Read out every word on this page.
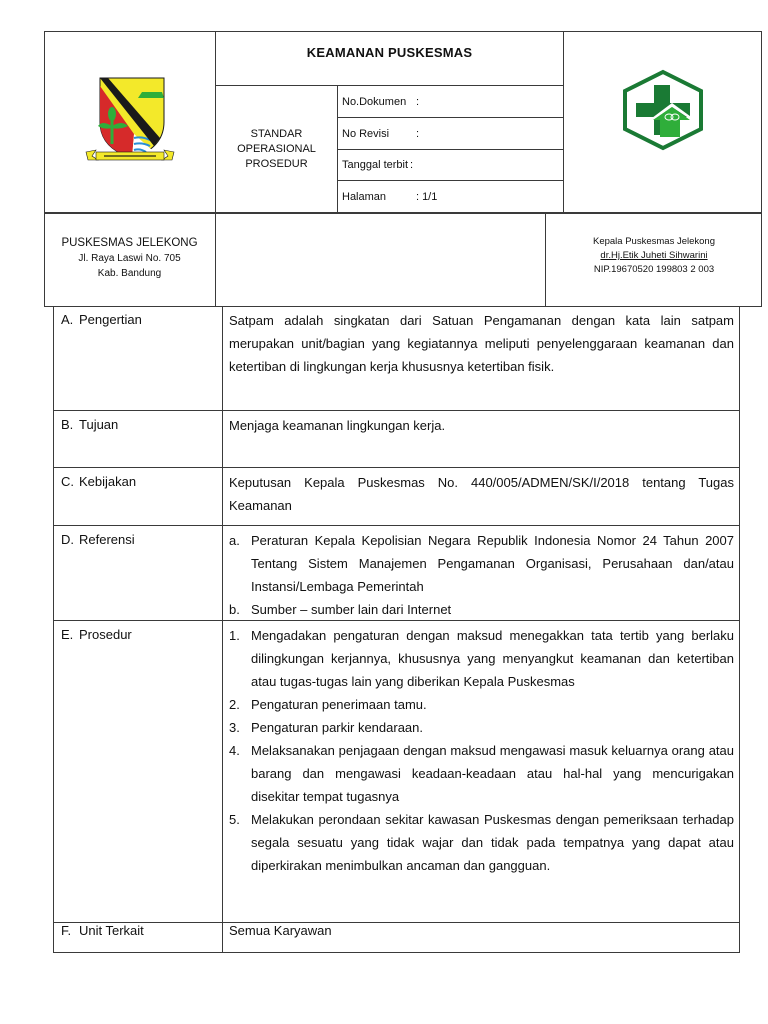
KEAMANAN PUSKESMAS
STANDAR
OPERASIONAL
PROSEDUR
No.Dokumen :
No Revisi	:
Tanggal terbit :
Halaman	: 1/1
PUSKESMAS JELEKONG
Jl. Raya Laswi No. 705
Kab. Bandung
Kepala Puskesmas Jelekong
dr.Hj.Etik Juheti Sihwarini
NIP.19670520 199803 2 003
A. Pengertian	Satpam adalah singkatan dari Satuan Pengamanan dengan kata lain satpam merupakan unit/bagian yang kegiatannya meliputi penyelenggaraan keamanan dan ketertiban di lingkungan kerja khususnya ketertiban fisik.
B. Tujuan	Menjaga keamanan lingkungan kerja.
C. Kebijakan	Keputusan Kepala Puskesmas No. 440/005/ADMEN/SK/I/2018 tentang Tugas Keamanan
D. Referensi	a. Peraturan Kepala Kepolisian Negara Republik Indonesia Nomor 24 Tahun 2007 Tentang Sistem Manajemen Pengamanan Organisasi, Perusahaan dan/atau Instansi/Lembaga Pemerintah
b. Sumber – sumber lain dari Internet
E. Prosedur	1. Mengadakan pengaturan dengan maksud menegakkan tata tertib yang berlaku dilingkungan kerjannya, khususnya yang menyangkut keamanan dan ketertiban atau tugas-tugas lain yang diberikan Kepala Puskesmas
2. Pengaturan penerimaan tamu.
3. Pengaturan parkir kendaraan.
4. Melaksanakan penjagaan dengan maksud mengawasi masuk keluarnya orang atau barang dan mengawasi keadaan-keadaan atau hal-hal yang mencurigakan disekitar tempat tugasnya
5. Melakukan perondaan sekitar kawasan Puskesmas dengan pemeriksaan terhadap segala sesuatu yang tidak wajar dan tidak pada tempatnya yang dapat atau diperkirakan menimbulkan ancaman dan gangguan.
F. Unit Terkait	Semua Karyawan
